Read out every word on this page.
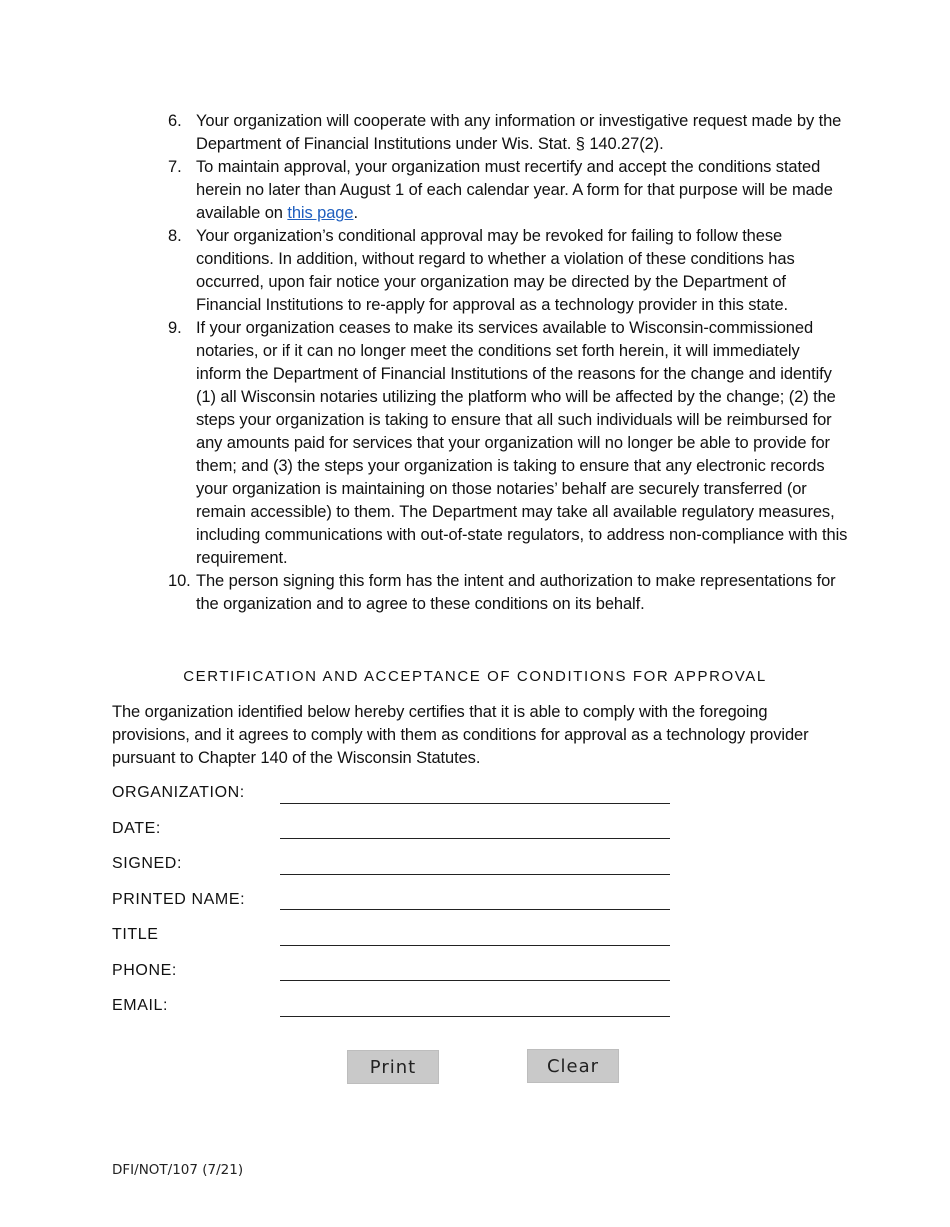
6. Your organization will cooperate with any information or investigative request made by the Department of Financial Institutions under Wis. Stat. § 140.27(2).
7. To maintain approval, your organization must recertify and accept the conditions stated herein no later than August 1 of each calendar year. A form for that purpose will be made available on this page.
8. Your organization’s conditional approval may be revoked for failing to follow these conditions. In addition, without regard to whether a violation of these conditions has occurred, upon fair notice your organization may be directed by the Department of Financial Institutions to re-apply for approval as a technology provider in this state.
9. If your organization ceases to make its services available to Wisconsin-commissioned notaries, or if it can no longer meet the conditions set forth herein, it will immediately inform the Department of Financial Institutions of the reasons for the change and identify (1) all Wisconsin notaries utilizing the platform who will be affected by the change; (2) the steps your organization is taking to ensure that all such individuals will be reimbursed for any amounts paid for services that your organization will no longer be able to provide for them; and (3) the steps your organization is taking to ensure that any electronic records your organization is maintaining on those notaries’ behalf are securely transferred (or remain accessible) to them. The Department may take all available regulatory measures, including communications with out-of-state regulators, to address non-compliance with this requirement.
10. The person signing this form has the intent and authorization to make representations for the organization and to agree to these conditions on its behalf.
CERTIFICATION AND ACCEPTANCE OF CONDITIONS FOR APPROVAL
The organization identified below hereby certifies that it is able to comply with the foregoing provisions, and it agrees to comply with them as conditions for approval as a technology provider pursuant to Chapter 140 of the Wisconsin Statutes.
ORGANIZATION:
DATE:
SIGNED:
PRINTED NAME:
TITLE
PHONE:
EMAIL:
Print	Clear
DFI/NOT/107 (7/21)
